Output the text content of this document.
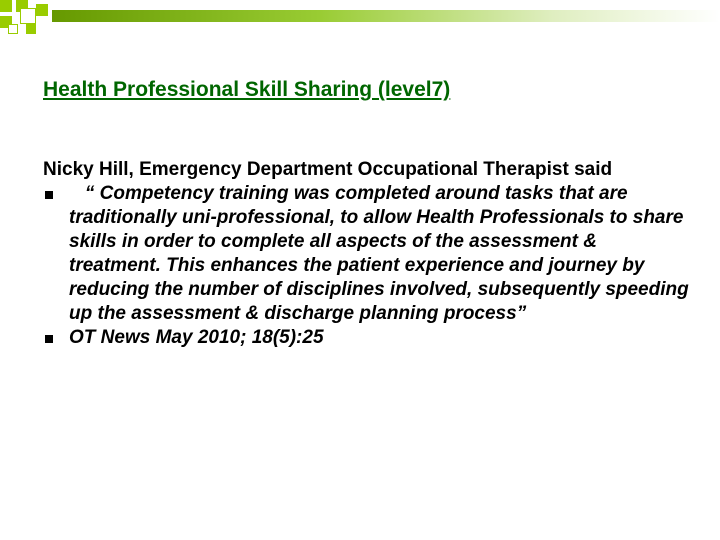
Health Professional Skill Sharing (level7)

Nicky Hill, Emergency Department Occupational Therapist said

“ Competency training was completed around tasks that are traditionally uni-professional, to allow Health Professionals to share skills in order to complete all aspects of the assessment & treatment. This enhances the patient experience and journey by reducing the number of disciplines involved, subsequently speeding up the assessment & discharge planning process”
OT News May 2010; 18(5):25
